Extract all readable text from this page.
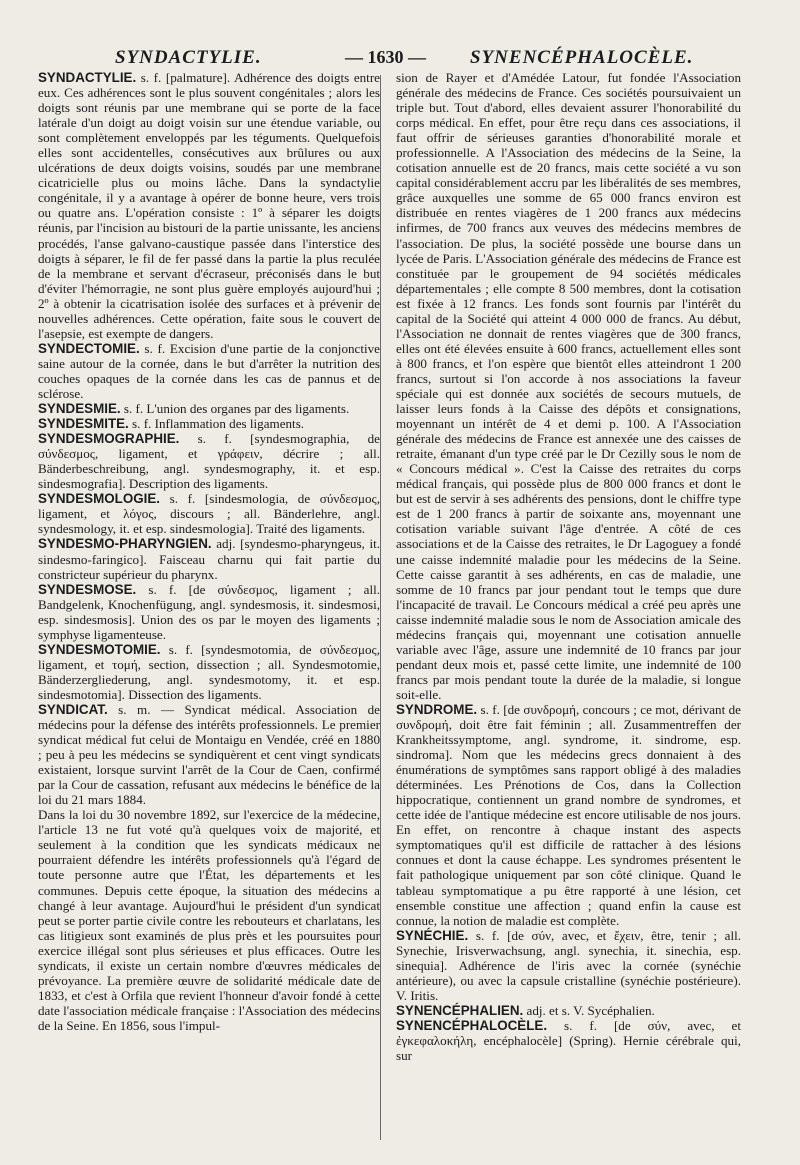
SYNDACTYLIE.	— 1630 — SYNENCÉPHALOCÈLE.

SYNDACTYLIE. s. f. [palmature]. Adhérence des doigts entre eux. Ces adhérences sont le plus souvent congénitales ; alors les doigts sont réunis par une membrane qui se porte de la face latérale d'un doigt au doigt voisin sur une étendue variable, ou sont complètement enveloppés par les téguments. Quelquefois elles sont accidentelles, consécutives aux brûlures ou aux ulcérations de deux doigts voisins, soudés par une membrane cicatricielle plus ou moins lâche. Dans la syndactylie congénitale, il y a avantage à opérer de bonne heure, vers trois ou quatre ans. L'opération consiste : 1º à séparer les doigts réunis, par l'incision au bistouri de la partie unissante, les anciens procédés, l'anse galvano-caustique passée dans l'interstice des doigts à séparer, le fil de fer passé dans la partie la plus reculée de la membrane et servant d'écraseur, préconisés dans le but d'éviter l'hémorragie, ne sont plus guère employés aujourd'hui ; 2º à obtenir la cicatrisation isolée des surfaces et à prévenir de nouvelles adhérences. Cette opération, faite sous le couvert de l'asepsie, est exempte de dangers.

SYNDECTOMIE. s. f. Excision d'une partie de la conjonctive saine autour de la cornée, dans le but d'arrêter la nutrition des couches opaques de la cornée dans les cas de pannus et de sclérose.

SYNDESMIE. s. f. L'union des organes par des ligaments.

SYNDESMITE. s. f. Inflammation des ligaments.

SYNDESMOGRAPHIE. s. f. [syndesmographia, de σύνδεσμος, ligament, et γράφειν, décrire ; all. Bänderbeschreibung, angl. syndesmography, it. et esp. sindesmografia]. Description des ligaments.

SYNDESMOLOGIE. s. f. [sindesmologia, de σύνδεσμος, ligament, et λόγος, discours ; all. Bänderlehre, angl. syndesmology, it. et esp. sindesmologia]. Traité des ligaments.

SYNDESMO-PHARYNGIEN. adj. [syndesmo-pharyngeus, it. sindesmo-faringico]. Faisceau charnu qui fait partie du constricteur supérieur du pharynx.

SYNDESMOSE. s. f. [de σύνδεσμος, ligament ; all. Bandgelenk, Knochenfügung, angl. syndesmosis, it. sindesmosi, esp. sindesmosis]. Union des os par le moyen des ligaments ; symphyse ligamenteuse.

SYNDESMOTOMIE. s. f. [syndesmotomia, de σύνδεσμος, ligament, et τομή, section, dissection ; all. Syndesmotomie, Bänderzergliederung, angl. syndesmotomy, it. et esp. sindesmotomia]. Dissection des ligaments.

SYNDICAT. s. m. — Syndicat médical. Association de médecins pour la défense des intérêts professionnels. Le premier syndicat médical fut celui de Montaigu en Vendée, créé en 1880 ; peu à peu les médecins se syndiquèrent et cent vingt syndicats existaient, lorsque survint l'arrêt de la Cour de Caen, confirmé par la Cour de cassation, refusant aux médecins le bénéfice de la loi du 21 mars 1884.

Dans la loi du 30 novembre 1892, sur l'exercice de la médecine, l'article 13 ne fut voté qu'à quelques voix de majorité, et seulement à la condition que les syndicats médicaux ne pourraient défendre les intérêts professionnels qu'à l'égard de toute personne autre que l'État, les départements et les communes. Depuis cette époque, la situation des médecins a changé à leur avantage. Aujourd'hui le président d'un syndicat peut se porter partie civile contre les rebouteurs et charlatans, les cas litigieux sont examinés de plus près et les poursuites pour exercice illégal sont plus sérieuses et plus efficaces. Outre les syndicats, il existe un certain nombre d'œuvres médicales de prévoyance. La première œuvre de solidarité médicale date de 1833, et c'est à Orfila que revient l'honneur d'avoir fondé à cette date l'association médicale française : l'Association des médecins de la Seine. En 1856, sous l'impul-

sion de Rayer et d'Amédée Latour, fut fondée l'Association générale des médecins de France. Ces sociétés poursuivaient un triple but. Tout d'abord, elles devaient assurer l'honorabilité du corps médical. En effet, pour être reçu dans ces associations, il faut offrir de sérieuses garanties d'honorabilité morale et professionnelle. A l'Association des médecins de la Seine, la cotisation annuelle est de 20 francs, mais cette société a vu son capital considérablement accru par les libéralités de ses membres, grâce auxquelles une somme de 65 000 francs environ est distribuée en rentes viagères de 1 200 francs aux médecins infirmes, de 700 francs aux veuves des médecins membres de l'association. De plus, la société possède une bourse dans un lycée de Paris. L'Association générale des médecins de France est constituée par le groupement de 94 sociétés médicales départementales ; elle compte 8 500 membres, dont la cotisation est fixée à 12 francs. Les fonds sont fournis par l'intérêt du capital de la Société qui atteint 4 000 000 de francs. Au début, l'Association ne donnait de rentes viagères que de 300 francs, elles ont été élevées ensuite à 600 francs, actuellement elles sont à 800 francs, et l'on espère que bientôt elles atteindront 1 200 francs, surtout si l'on accorde à nos associations la faveur spéciale qui est donnée aux sociétés de secours mutuels, de laisser leurs fonds à la Caisse des dépôts et consignations, moyennant un intérêt de 4 et demi p. 100. A l'Association générale des médecins de France est annexée une des caisses de retraite, émanant d'un type créé par le Dr Cezilly sous le nom de « Concours médical ». C'est la Caisse des retraites du corps médical français, qui possède plus de 800 000 francs et dont le but est de servir à ses adhérents des pensions, dont le chiffre type est de 1 200 francs à partir de soixante ans, moyennant une cotisation variable suivant l'âge d'entrée. A côté de ces associations et de la Caisse des retraites, le Dr Lagoguey a fondé une caisse indemnité maladie pour les médecins de la Seine. Cette caisse garantit à ses adhérents, en cas de maladie, une somme de 10 francs par jour pendant tout le temps que dure l'incapacité de travail. Le Concours médical a créé peu après une caisse indemnité maladie sous le nom de Association amicale des médecins français qui, moyennant une cotisation annuelle variable avec l'âge, assure une indemnité de 10 francs par jour pendant deux mois et, passé cette limite, une indemnité de 100 francs par mois pendant toute la durée de la maladie, si longue soit-elle.

SYNDROME. s. f. [de συνδρομή, concours ; ce mot, dérivant de συνδρομή, doit être fait féminin ; all. Zusammentreffen der Krankheitssymptome, angl. syndrome, it. sindrome, esp. sindroma]. Nom que les médecins grecs donnaient à des énumérations de symptômes sans rapport obligé à des maladies déterminées. Les Prénotions de Cos, dans la Collection hippocratique, contiennent un grand nombre de syndromes, et cette idée de l'antique médecine est encore utilisable de nos jours. En effet, on rencontre à chaque instant des aspects symptomatiques qu'il est difficile de rattacher à des lésions connues et dont la cause échappe. Les syndromes présentent le fait pathologique uniquement par son côté clinique. Quand le tableau symptomatique a pu être rapporté à une lésion, cet ensemble constitue une affection ; quand enfin la cause est connue, la notion de maladie est complète.

SYNÉCHIE. s. f. [de σύν, avec, et ἔχειν, être, tenir ; all. Synechie, Irisverwachsung, angl. synechia, it. sinechia, esp. sinequia]. Adhérence de l'iris avec la cornée (synéchie antérieure), ou avec la capsule cristalline (synéchie postérieure). V. Iritis.

SYNENCÉPHALIEN. adj. et s. V. Sycéphalien.

SYNENCÉPHALOCÈLE. s. f. [de σύν, avec, et ἐγκεφαλοκήλη, encéphalocèle] (Spring). Hernie cérébrale qui, sur
